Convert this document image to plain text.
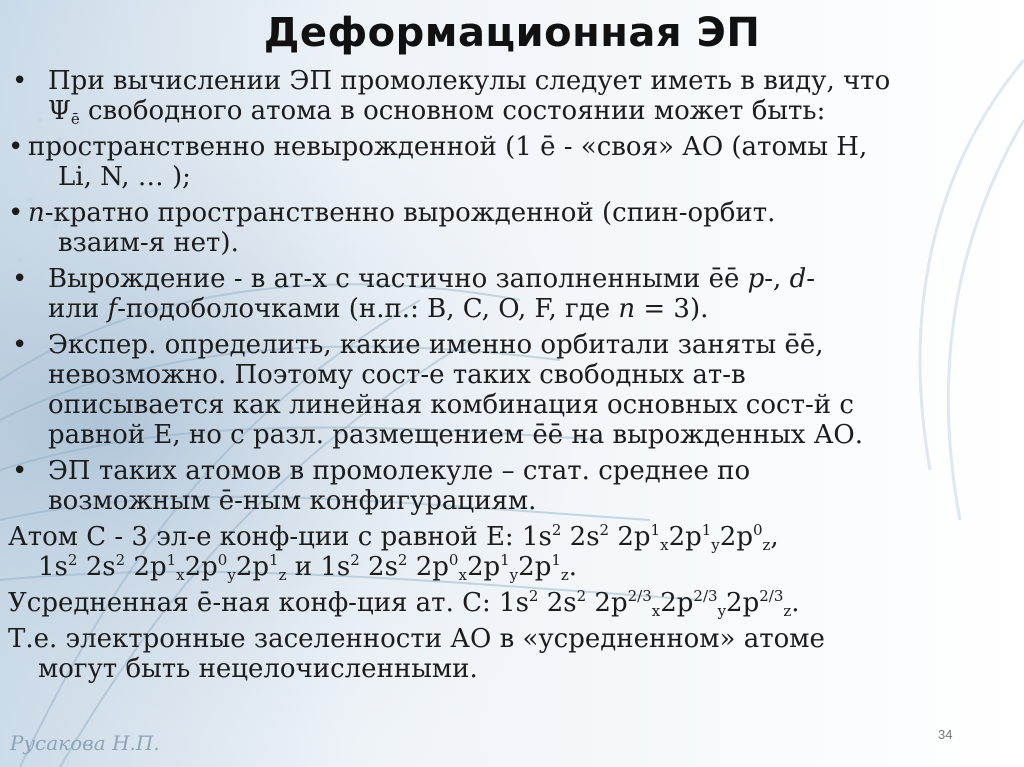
Деформационная ЭП
• При вычислении ЭП промолекулы следует иметь в виду, что
$\Psi_ē$ свободного атома в основном состоянии может быть:
• пространственно невырожденной (1 ē - «своя» АО (атомы H,
Li, N, … );
• n-кратно пространственно вырожденной (спин-орбит.
взаим-я нет).
• Вырождение - в ат-х с частично заполненными ēē p-, d-
или f-подоболочками (н.п.: B, C, O, F, где n = 3).
• Экспер. определить, какие именно орбитали заняты ēē,
невозможно. Поэтому сост-е таких свободных ат-в
описывается как линейная комбинация основных сост-й с
равной Е, но с разл. размещением ēē на вырожденных АО.
• ЭП таких атомов в промолекуле – стат. среднее по
возможным ē-ным конфигурациям.
Атом С - 3 эл-е конф-ции с равной Е: $1s^2$ $2s^2$ $2p^1_x2p^1_y2p^0_z$,
$1s^2$ $2s^2$ $2p^1_x2p^0_y2p^1_z$ и $1s^2$ $2s^2$ $2p^0_x2p^1_y2p^1_z$.
Усредненная ē-ная конф-ция ат. С: $1s^2$ $2s^2$ $2p^{2/3}_x2p^{2/3}_y2p^{2/3}_z$.
Т.е. электронные заселенности АО в «усредненном» атоме
могут быть нецелочисленными.
34
Русакова Н.П.
